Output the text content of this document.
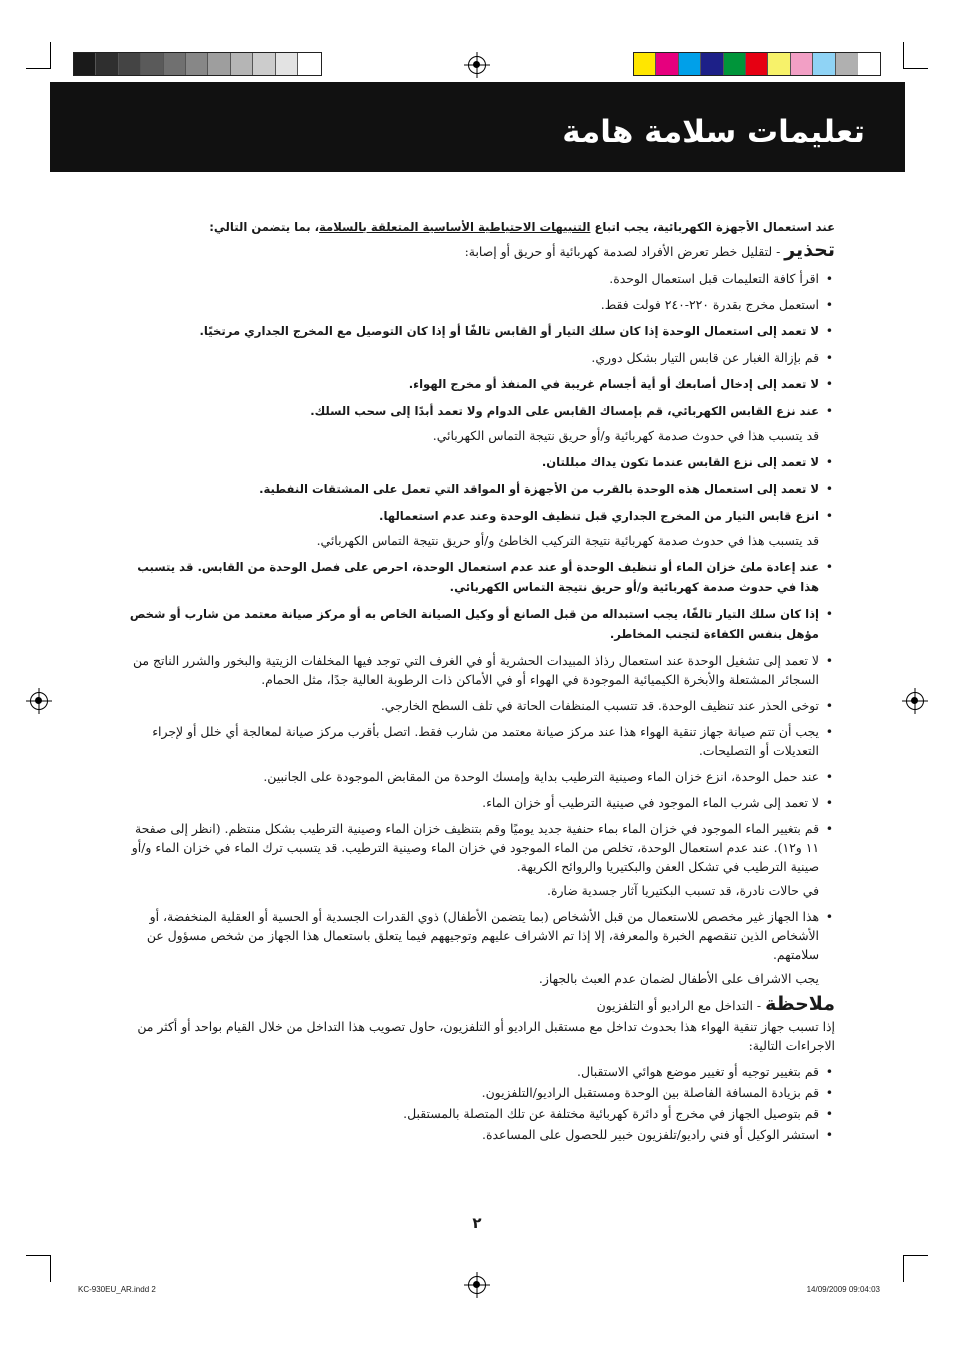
تعليمات سلامة هامة
عند استعمال الأجهزة الكهربائية، يجب اتباع التنبيهات الاحتياطية الأساسية المتعلقة بالسلامة، بما يتضمن التالي:
تحذير - لتقليل خطر تعرض الأفراد لصدمة كهربائية أو حريق أو إصابة:
• اقرأ كافة التعليمات قبل استعمال الوحدة.
• استعمل مخرج بقدرة ٢٢٠-٢٤٠ فولت فقط.
• لا تعمد إلى استعمال الوحدة إذا كان سلك التيار أو القابس تالفًا أو إذا كان التوصيل مع المخرج الجداري مرتخيًا.
• قم بإزالة الغبار عن قابس التيار بشكل دوري.
• لا تعمد إلى إدخال أصابعك أو أية أجسام غريبة في المنفذ أو مخرج الهواء.
• عند نزع القابس الكهربائي، قم بإمساك القابس على الدوام ولا تعمد أبدًا إلى سحب السلك.
قد يتسبب هذا في حدوث صدمة كهربائية و/أو حريق نتيجة التماس الكهربائي.
• لا تعمد إلى نزع القابس عندما تكون يداك مبللتان.
• لا تعمد إلى استعمال هذه الوحدة بالقرب من الأجهزة أو المواقد التي تعمل على المشتقات النفطية.
• انزع قابس التيار من المخرج الجداري قبل تنظيف الوحدة وعند عدم استعمالها.
قد يتسبب هذا في حدوث صدمة كهربائية نتيجة التركيب الخاطئ و/أو حريق نتيجة التماس الكهربائي.
• عند إعادة ملئ خزان الماء أو تنظيف الوحدة أو عند عدم استعمال الوحدة، احرص على فصل الوحدة من القابس. قد يتسبب هذا في حدوث صدمة كهربائية و/أو حريق نتيجة التماس الكهربائي.
• إذا كان سلك التيار تالفًا، يجب استبداله من قبل الصانع أو وكيل الصيانة الخاص به أو مركز صيانة معتمد من شارب أو شخص مؤهل بنفس الكفاءة لتجنب المخاطر.
• لا تعمد إلى تشغيل الوحدة عند استعمال رذاذ المبيدات الحشرية أو في الغرف التي توجد فيها المخلفات الزيتية والبخور والشرر الناتج من السجائر المشتعلة والأبخرة الكيميائية الموجودة في الهواء أو في الأماكن ذات الرطوبة العالية جدًا، مثل الحمام.
• توخى الحذر عند تنظيف الوحدة. قد تتسبب المنظفات الحاتة في تلف السطح الخارجي.
• يجب أن تتم صيانة جهاز تنقية الهواء هذا عند مركز صيانة معتمد من شارب فقط. اتصل بأقرب مركز صيانة لمعالجة أي خلل أو لإجراء التعديلات أو التصليحات.
• عند حمل الوحدة، انزع خزان الماء وصينية الترطيب بداية وإمسك الوحدة من المقابض الموجودة على الجانبين.
• لا تعمد إلى شرب الماء الموجود في صينية الترطيب أو خزان الماء.
• قم بتغيير الماء الموجود في خزان الماء بماء حنفية جديد يوميًا وقم بتنظيف خزان الماء وصينية الترطيب بشكل منتظم. (انظر إلى صفحة ١١ و١٢). عند عدم استعمال الوحدة، تخلص من الماء الموجود في خزان الماء وصينية الترطيب. قد يتسبب ترك الماء في خزان الماء و/أو صينية الترطيب في تشكل العفن والبكتيريا والروائح الكريهة.
في حالات نادرة، قد تسبب البكتيريا آثار جسدية ضارة.
• هذا الجهاز غير مخصص للاستعمال من قبل الأشخاص (بما يتضمن الأطفال) ذوي القدرات الجسدية أو الحسية أو العقلية المنخفضة، أو الأشخاص الذين تنقصهم الخبرة والمعرفة، إلا إذا تم الاشراف عليهم وتوجيههم فيما يتعلق باستعمال هذا الجهاز من شخص مسؤول عن سلامتهم.
يجب الاشراف على الأطفال لضمان عدم العبث بالجهاز.
ملاحظة - التداخل مع الراديو أو التلفزيون
إذا تسبب جهاز تنقية الهواء هذا بحدوث تداخل مع مستقبل الراديو أو التلفزيون، حاول تصويب هذا التداخل من خلال القيام بواحد أو أكثر من الاجراءات التالية:
• قم بتغيير توجيه أو تغيير موضع هوائي الاستقبال.
• قم بزيادة المسافة الفاصلة بين الوحدة ومستقبل الراديو/التلفزيون.
• قم بتوصيل الجهاز في مخرج أو دائرة كهربائية مختلفة عن تلك المتصلة بالمستقبل.
• استشر الوكيل أو فني راديو/تلفزيون خبير للحصول على المساعدة.
٢
KC-930EU_AR.indd 2	14/09/2009 09:04:03
